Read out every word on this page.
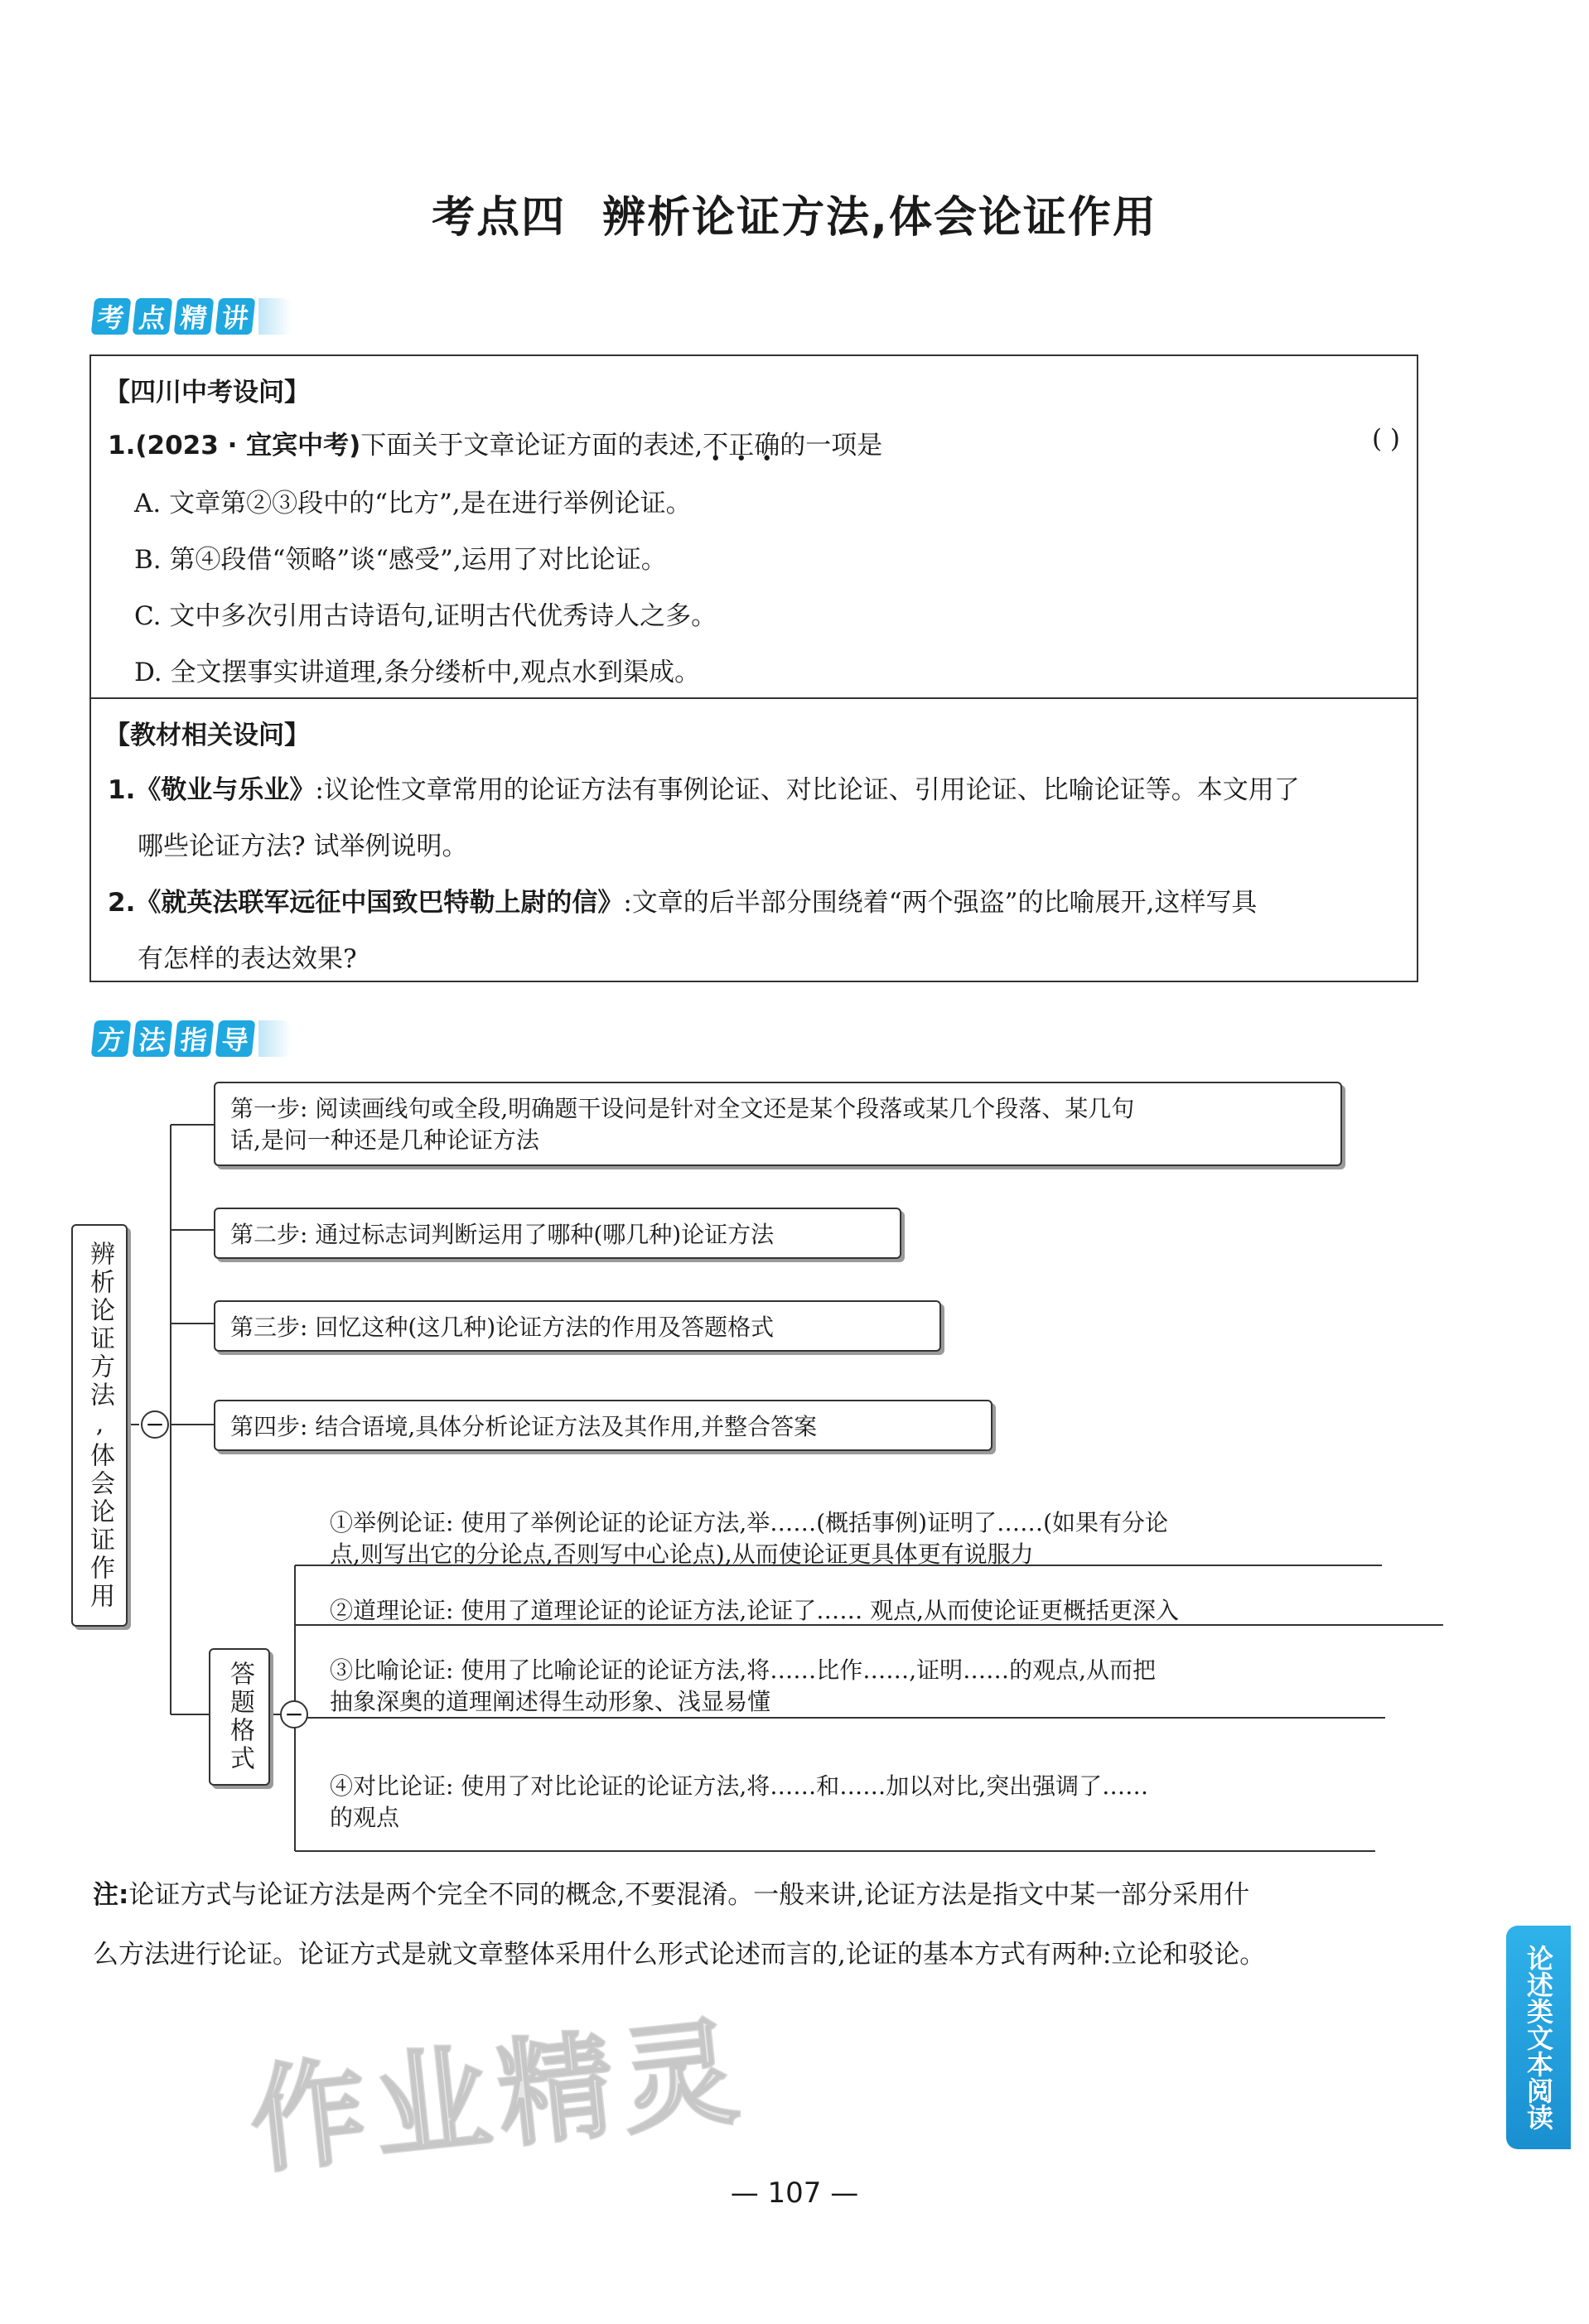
考点四 辨析论证方法,体会论证作用
考 点 精 讲
【四川中考设问】
1.(2023 · 宜宾中考)下面关于文章论证方面的表述,不正确的一项是	( )
A. 文章第②③段中的“比方”,是在进行举例论证。
B. 第④段借“领略”谈“感受”,运用了对比论证。
C. 文中多次引用古诗语句,证明古代优秀诗人之多。
D. 全文摆事实讲道理,条分缕析中,观点水到渠成。
【教材相关设问】
1.《敬业与乐业》:议论性文章常用的论证方法有事例论证、对比论证、引用论证、比喻论证等。本文用了
哪些论证方法? 试举例说明。
2.《就英法联军远征中国致巴特勒上尉的信》:文章的后半部分围绕着“两个强盗”的比喻展开,这样写具
有怎样的表达效果?
方 法 指 导
辨析论证方法,体会论证作用	−
第一步: 阅读画线句或全段,明确题干设问是针对全文还是某个段落或某几个段落、某几句
话,是问一种还是几种论证方法
第二步: 通过标志词判断运用了哪种(哪几种)论证方法
第三步: 回忆这种(这几种)论证方法的作用及答题格式
第四步: 结合语境,具体分析论证方法及其作用,并整合答案
答题格式	−
①举例论证: 使用了举例论证的论证方法,举……(概括事例)证明了……(如果有分论
点,则写出它的分论点,否则写中心论点),从而使论证更具体更有说服力
②道理论证: 使用了道理论证的论证方法,论证了…… 观点,从而使论证更概括更深入
③比喻论证: 使用了比喻论证的论证方法,将……比作……,证明……的观点,从而把
抽象深奥的道理阐述得生动形象、浅显易懂
④对比论证: 使用了对比论证的论证方法,将……和……加以对比,突出强调了……
的观点
注:论证方式与论证方法是两个完全不同的概念,不要混淆。一般来讲,论证方法是指文中某一部分采用什
么方法进行论证。论证方式是就文章整体采用什么形式论述而言的,论证的基本方式有两种:立论和驳论。
作业精灵	论述类文本阅读
— 107 —
